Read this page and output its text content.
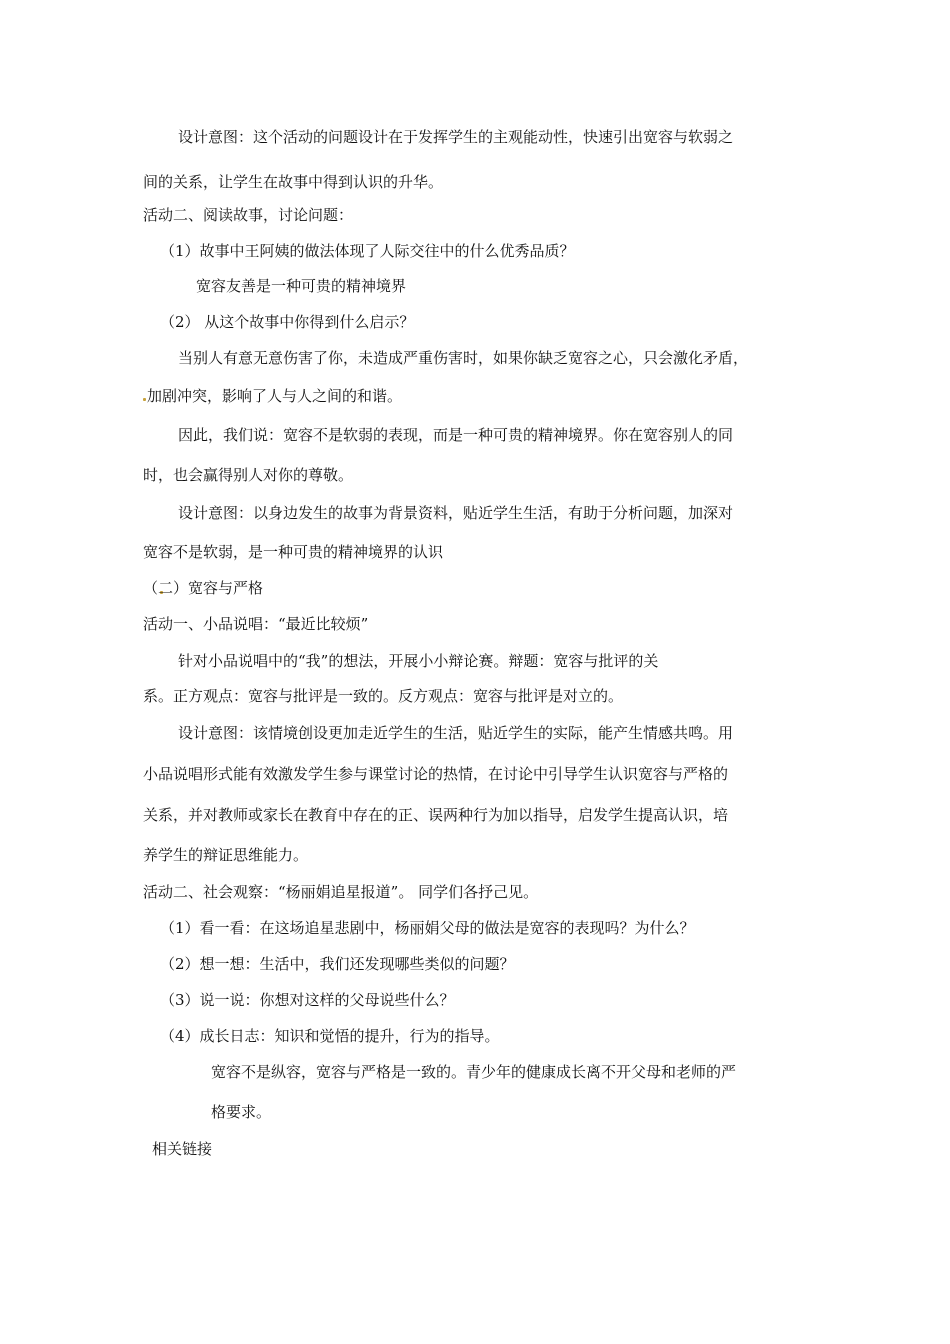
设计意图：这个活动的问题设计在于发挥学生的主观能动性，快速引出宽容与软弱之
间的关系，让学生在故事中得到认识的升华。
活动二、阅读故事，讨论问题：
（1）故事中王阿姨的做法体现了人际交往中的什么优秀品质？
宽容友善是一种可贵的精神境界
（2） 从这个故事中你得到什么启示？
当别人有意无意伤害了你，未造成严重伤害时，如果你缺乏宽容之心，只会激化矛盾，
加剧冲突，影响了人与人之间的和谐。
因此，我们说：宽容不是软弱的表现，而是一种可贵的精神境界。你在宽容别人的同
时，也会赢得别人对你的尊敬。
设计意图：以身边发生的故事为背景资料，贴近学生生活，有助于分析问题，加深对
宽容不是软弱，是一种可贵的精神境界的认识
（二）宽容与严格
活动一、小品说唱：“最近比较烦”
针对小品说唱中的“我”的想法，开展小小辩论赛。辩题：宽容与批评的关
系。正方观点：宽容与批评是一致的。反方观点：宽容与批评是对立的。
设计意图：该情境创设更加走近学生的生活，贴近学生的实际，能产生情感共鸣。用
小品说唱形式能有效激发学生参与课堂讨论的热情，在讨论中引导学生认识宽容与严格的
关系，并对教师或家长在教育中存在的正、误两种行为加以指导，启发学生提高认识，培
养学生的辩证思维能力。
活动二、社会观察：“杨丽娟追星报道”。 同学们各抒己见。
（1）看一看：在这场追星悲剧中，杨丽娟父母的做法是宽容的表现吗？为什么？
（2）想一想：生活中，我们还发现哪些类似的问题？
（3）说一说：你想对这样的父母说些什么？
（4）成长日志：知识和觉悟的提升，行为的指导。
宽容不是纵容，宽容与严格是一致的。青少年的健康成长离不开父母和老师的严
格要求。
相关链接
